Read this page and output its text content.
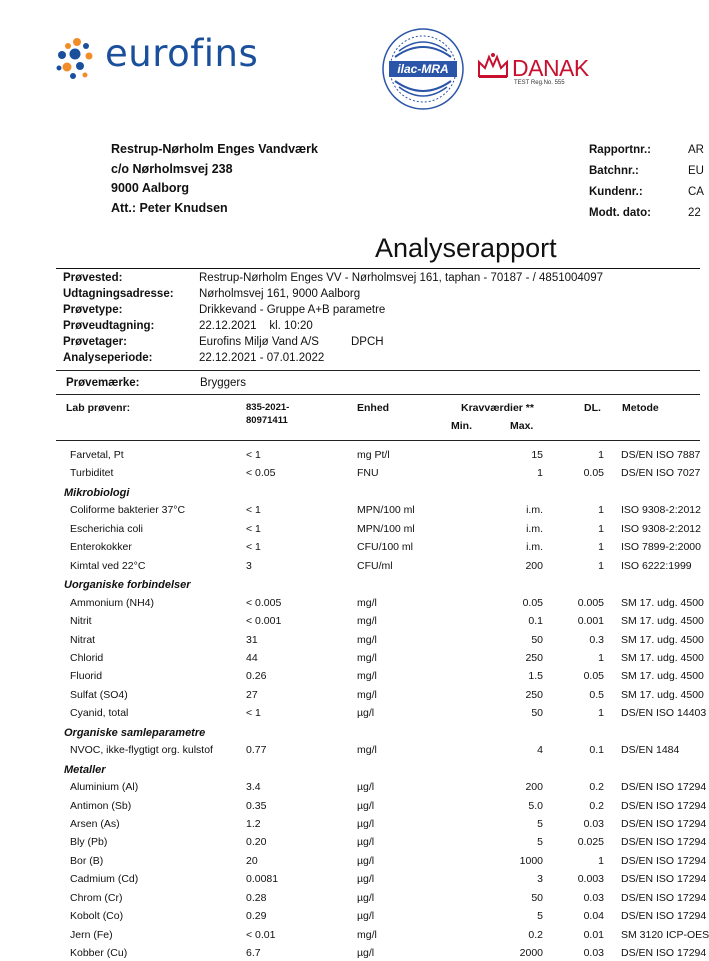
eurofins	ilac-MRA	DANAK
TEST Reg.No. 555
Restrup-Nørholm Enges Vandværk
c/o Nørholmsvej 238
9000 Aalborg
Att.: Peter Knudsen
Rapportnr.:	AR
Batchnr.:	EU
Kundenr.:	CA
Modt. dato:	22
Analyserapport
Prøvested:	Restrup-Nørholm Enges VV - Nørholmsvej 161, taphan - 70187 - / 4851004097
Udtagningsadresse:	Nørholmsvej 161, 9000 Aalborg
Prøvetype:	Drikkevand - Gruppe A+B parametre
Prøveudtagning:	22.12.2021    kl. 10:20
Prøvetager:	Eurofins Miljø Vand A/S	DPCH
Analyseperiode:	22.12.2021 - 07.01.2022
Prøvemærke:	Bryggers
Lab prøvenr:	835-2021-
80971411
Enhed	Kravværdier **
Min.	Max.
DL. Metode
Farvetal, Pt	< 1	mg Pt/l	15	1 DS/EN ISO 7887
Turbiditet	< 0.05	FNU	1	0.05 DS/EN ISO 7027
Mikrobiologi
Coliforme bakterier 37°C	< 1	MPN/100 ml	i.m.	1 ISO 9308-2:2012
Escherichia coli	< 1	MPN/100 ml	i.m.	1 ISO 9308-2:2012
Enterokokker	< 1	CFU/100 ml	i.m.	1 ISO 7899-2:2000
Kimtal ved 22°C	3	CFU/ml	200	1 ISO 6222:1999
Uorganiske forbindelser
Ammonium (NH4)	< 0.005	mg/l	0.05	0.005 SM 17. udg. 4500
Nitrit	< 0.001	mg/l	0.1	0.001 SM 17. udg. 4500
Nitrat	31	mg/l	50	0.3 SM 17. udg. 4500
Chlorid	44	mg/l	250	1 SM 17. udg. 4500
Fluorid	0.26	mg/l	1.5	0.05 SM 17. udg. 4500
Sulfat (SO4)	27	mg/l	250	0.5 SM 17. udg. 4500
Cyanid, total	< 1	µg/l	50	1 DS/EN ISO 14403
Organiske samleparametre
NVOC, ikke-flygtigt org. kulstof	0.77	mg/l	4	0.1 DS/EN 1484
Metaller
Aluminium (Al)	3.4	µg/l	200	0.2 DS/EN ISO 17294
Antimon (Sb)	0.35	µg/l	5.0	0.2 DS/EN ISO 17294
Arsen (As)	1.2	µg/l	5	0.03 DS/EN ISO 17294
Bly (Pb)	0.20	µg/l	5	0.025 DS/EN ISO 17294
Bor (B)	20	µg/l	1000	1 DS/EN ISO 17294
Cadmium (Cd)	0.0081	µg/l	3	0.003 DS/EN ISO 17294
Chrom (Cr)	0.28	µg/l	50	0.03 DS/EN ISO 17294
Kobolt (Co)	0.29	µg/l	5	0.04 DS/EN ISO 17294
Jern (Fe)	< 0.01	mg/l	0.2	0.01 SM 3120 ICP-OES
Kobber (Cu)	6.7	µg/l	2000	0.03 DS/EN ISO 17294
